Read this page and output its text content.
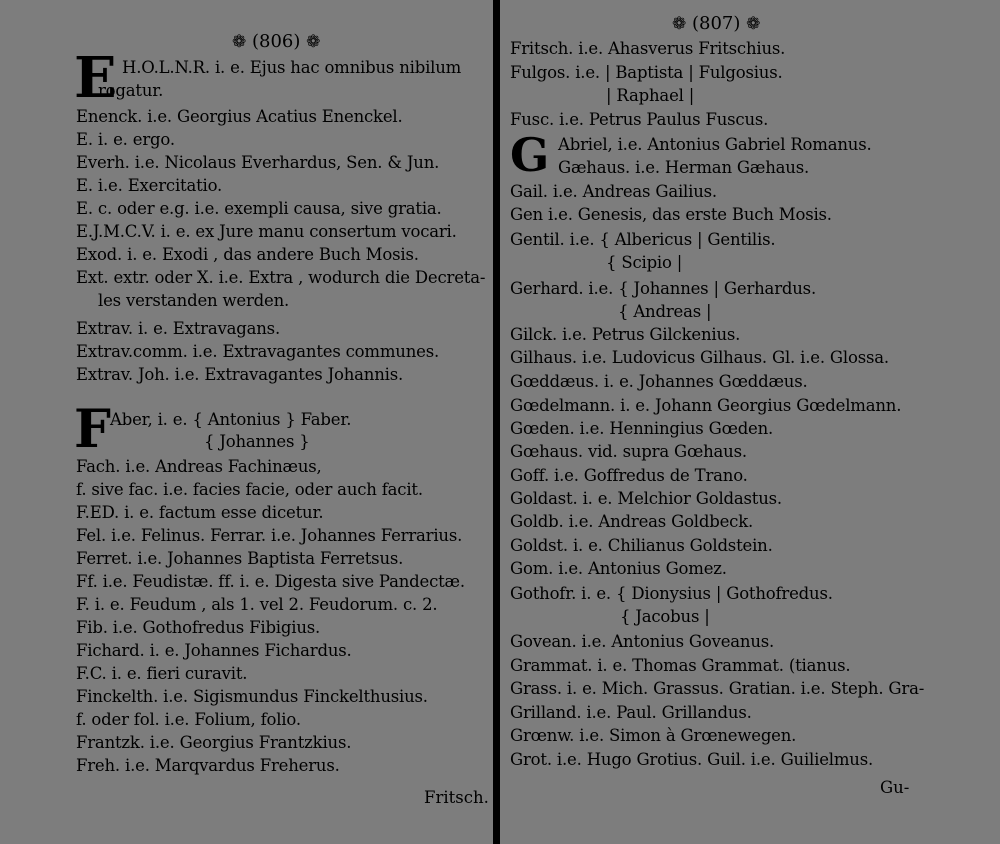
❁ (806) ❁
E
F
H.O.L.N.R. i. e. Ejus hac omnibus nibilum
rogatur.
Enenck. i.e. Georgius Acatius Enenckel.
E. i. e. ergo.
Everh. i.e. Nicolaus Everhardus, Sen. & Jun.
E. i.e. Exercitatio.
E. c. oder e.g. i.e. exempli causa, sive gratia.
E.J.M.C.V. i. e. ex Jure manu consertum vocari.
Exod. i. e. Exodi , das andere Buch Mosis.
Ext. extr. oder X. i.e. Extra , wodurch die Decreta-
les verstanden werden.
Extrav. i. e. Extravagans.
Extrav.comm. i.e. Extravagantes communes.
Extrav. Joh. i.e. Extravagantes Johannis.
Aber, i. e. { Antonius } Faber.
{ Johannes }
Fach. i.e. Andreas Fachinæus,
f. sive fac. i.e. facies facie, oder auch facit.
F.ED. i. e. factum esse dicetur.
Fel. i.e. Felinus. Ferrar. i.e. Johannes Ferrarius.
Ferret. i.e. Johannes Baptista Ferretsus.
Ff. i.e. Feudistæ. ff. i. e. Digesta sive Pandectæ.
F. i. e. Feudum , als 1. vel 2. Feudorum. c. 2.
Fib. i.e. Gothofredus Fibigius.
Fichard. i. e. Johannes Fichardus.
F.C. i. e. fieri curavit.
Finckelth. i.e. Sigismundus Finckelthusius.
f. oder fol. i.e. Folium, folio.
Frantzk. i.e. Georgius Frantzkius.
Freh. i.e. Marqvardus Freherus.
Fritsch.
❁ (807) ❁
Fritsch. i.e. Ahasverus Fritschius.
Fulgos. i.e. | Baptista | Fulgosius.
| Raphael |
Fusc. i.e. Petrus Paulus Fuscus.
Abriel, i.e. Antonius Gabriel Romanus.
Gæhaus. i.e. Herman Gæhaus.
Gail. i.e. Andreas Gailius.
Gen i.e. Genesis, das erste Buch Mosis.
Gentil. i.e. { Albericus | Gentilis.
{ Scipio |
Gerhard. i.e. { Johannes | Gerhardus.
{ Andreas |
Gilck. i.e. Petrus Gilckenius.
Gilhaus. i.e. Ludovicus Gilhaus. Gl. i.e. Glossa.
Gœddæus. i. e. Johannes Gœddæus.
Gœdelmann. i. e. Johann Georgius Gœdelmann.
Gœden. i.e. Henningius Gœden.
Gœhaus. vid. supra Gœhaus.
Goff. i.e. Goffredus de Trano.
Goldast. i. e. Melchior Goldastus.
Goldb. i.e. Andreas Goldbeck.
Goldst. i. e. Chilianus Goldstein.
Gom. i.e. Antonius Gomez.
Gothofr. i. e. { Dionysius | Gothofredus.
{ Jacobus |
Govean. i.e. Antonius Goveanus.
Grammat. i. e. Thomas Grammat. (tianus.
Grass. i. e. Mich. Grassus. Gratian. i.e. Steph. Gra-
Grilland. i.e. Paul. Grillandus.
Grœnw. i.e. Simon à Grœnewegen.
Grot. i.e. Hugo Grotius. Guil. i.e. Guilielmus.
Gu-
G
